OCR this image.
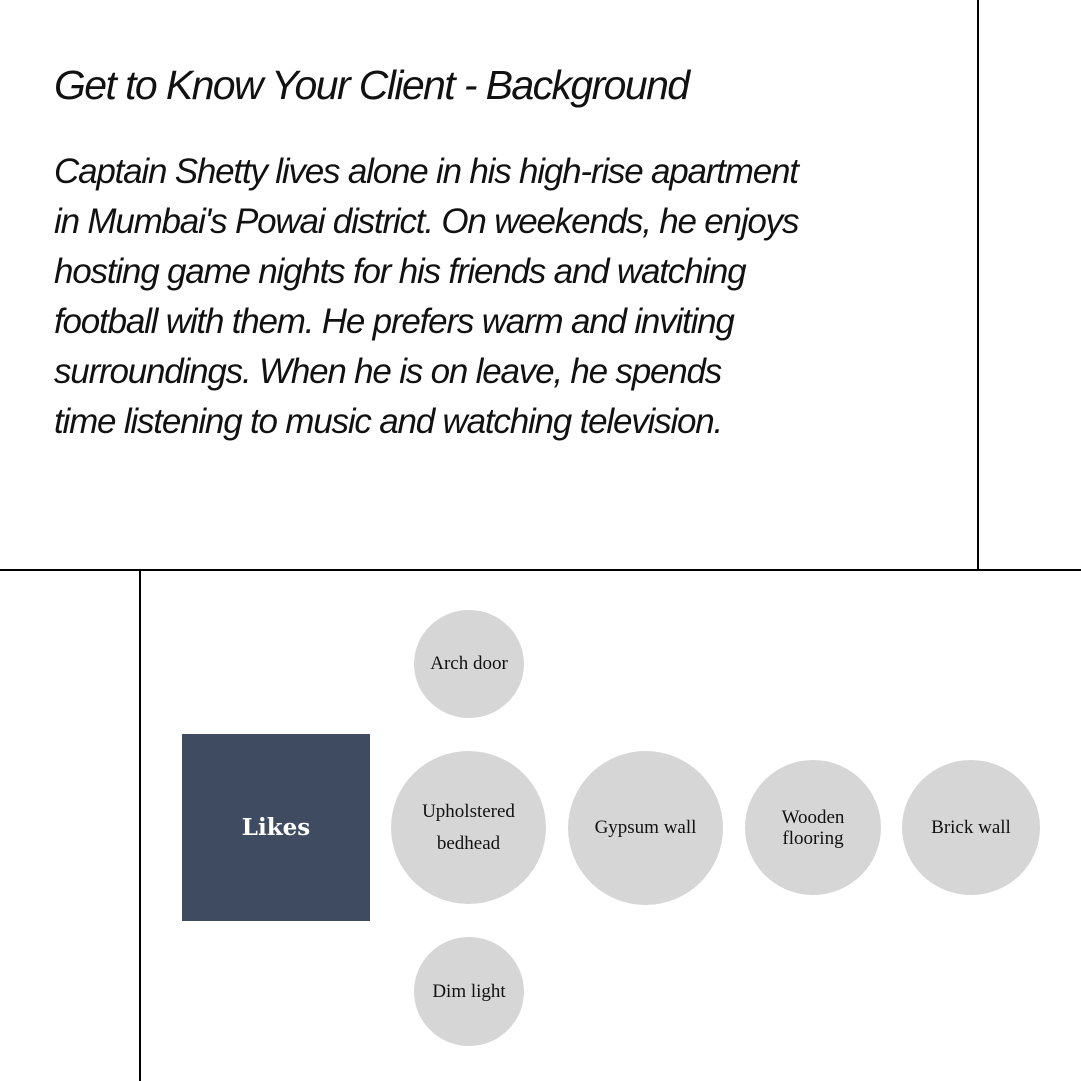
Get to Know Your Client - Background

Captain Shetty lives alone in his high-rise apartment
in Mumbai's Powai district. On weekends, he enjoys
hosting game nights for his friends and watching
football with them. He prefers warm and inviting
surroundings. When he is on leave, he spends
time listening to music and watching television.

Likes
Arch door
Upholstered
bedhead
Gypsum wall	Wooden
flooring
Brick wall
Dim light
